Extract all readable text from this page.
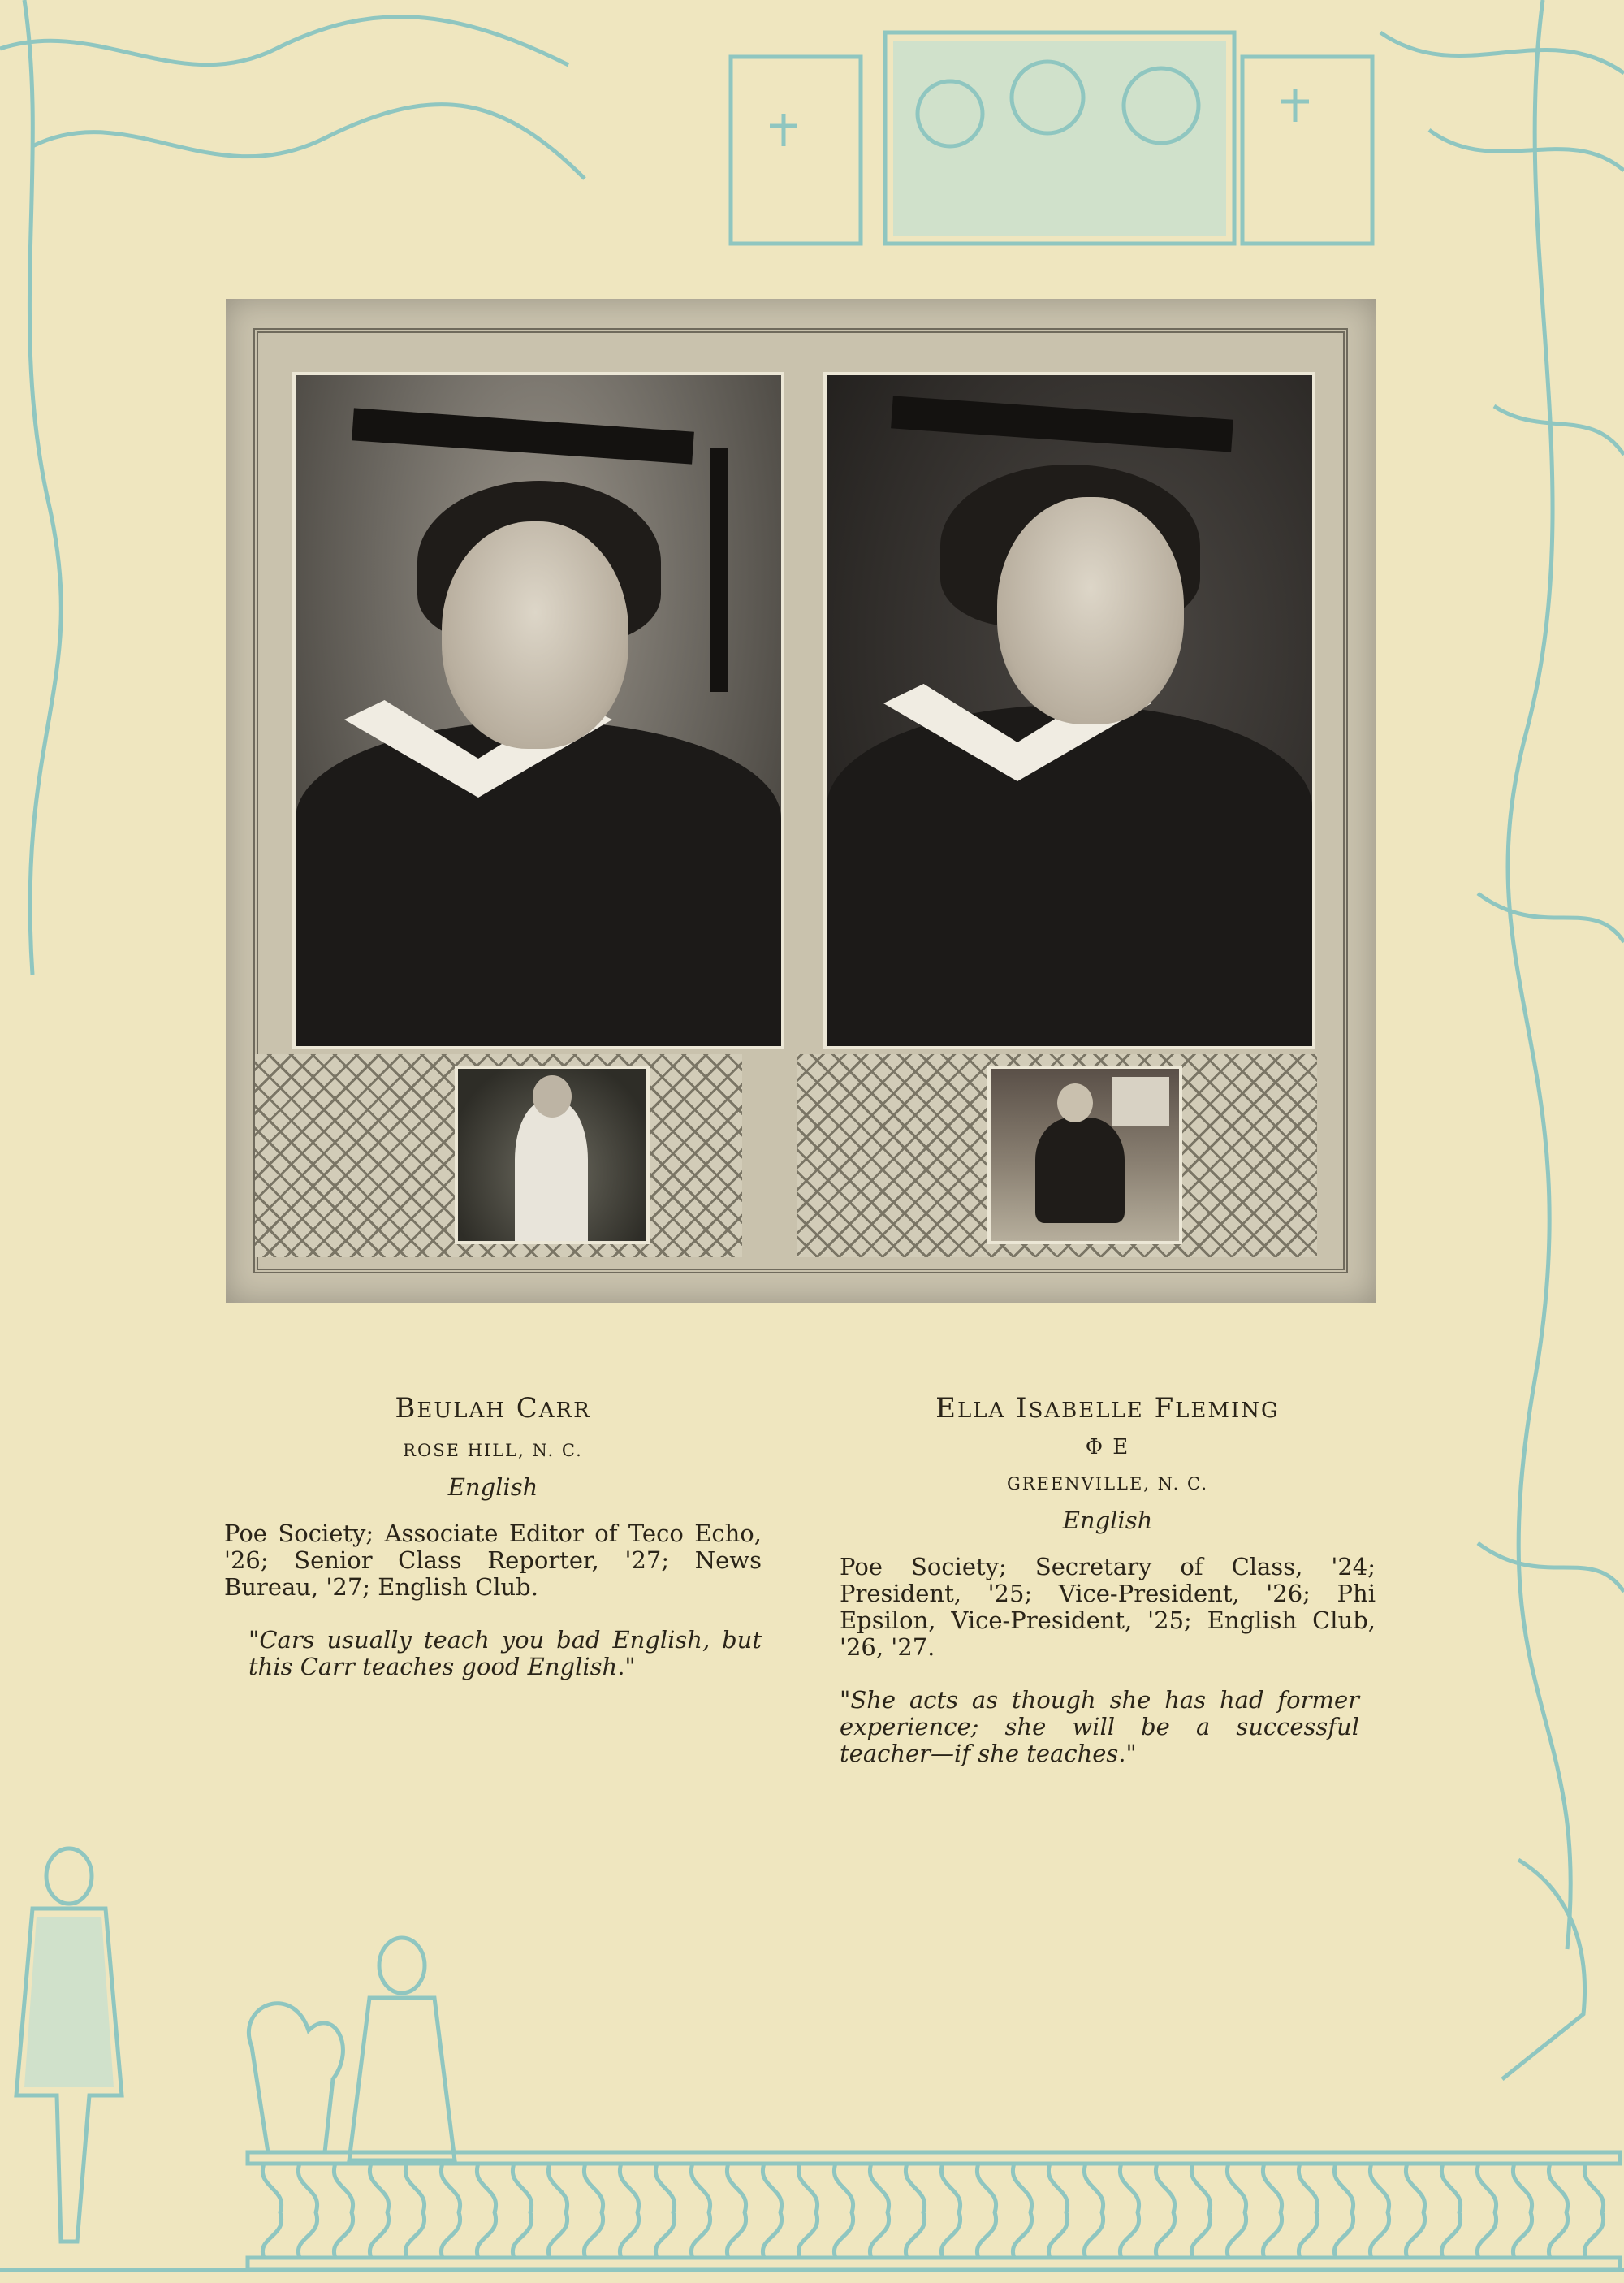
BEULAH CARR
ROSE HILL, N. C.
English
Poe Society; Associate Editor of Teco Echo, '26; Senior Class Reporter, '27; News Bureau, '27; English Club.
"Cars usually teach you bad English, but this Carr teaches good English."
ELLA ISABELLE FLEMING
Φ E
GREENVILLE, N. C.
English
Poe Society; Secretary of Class, '24; President, '25; Vice-President, '26; Phi Epsilon, Vice-President, '25; English Club, '26, '27.
"She acts as though she has had former experience; she will be a successful teacher—if she teaches."
